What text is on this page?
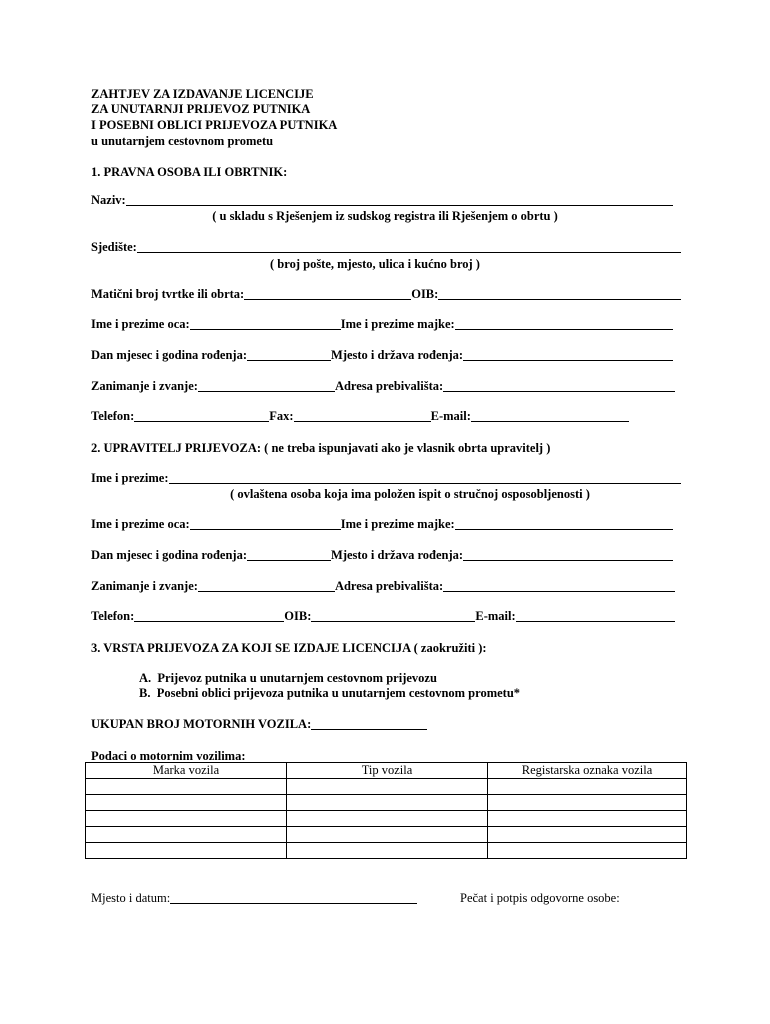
ZAHTJEV ZA IZDAVANJE LICENCIJE
ZA UNUTARNJI PRIJEVOZ PUTNIKA
I POSEBNI OBLICI PRIJEVOZA PUTNIKA
u unutarnjem cestovnom prometu
1. PRAVNA OSOBA ILI OBRTNIK:
Naziv:
( u skladu s Rješenjem iz sudskog registra ili Rješenjem o obrtu )
Sjedište:
( broj pošte, mjesto, ulica i kućno broj )
Matični broj tvrtke ili obrta:	OIB:
Ime i prezime oca:	Ime i prezime majke:
Dan mjesec i godina rođenja:	Mjesto i država rođenja:
Zanimanje i zvanje:	Adresa prebivališta:
Telefon:	Fax:	E-mail:
2. UPRAVITELJ PRIJEVOZA: ( ne treba ispunjavati ako je vlasnik obrta upravitelj )
Ime i prezime:
( ovlaštena osoba koja ima položen ispit o stručnoj osposobljenosti )
Ime i prezime oca:	Ime i prezime majke:
Dan mjesec i godina rođenja:	Mjesto i država rođenja:
Zanimanje i zvanje:	Adresa prebivališta:
Telefon:	OIB:	E-mail:
3. VRSTA PRIJEVOZA ZA KOJI SE IZDAJE LICENCIJA ( zaokružiti ):
A.  Prijevoz putnika u unutarnjem cestovnom prijevozu
B.  Posebni oblici prijevoza putnika u unutarnjem cestovnom prometu*
UKUPAN BROJ MOTORNIH VOZILA:
Podaci o motornim vozilima:
Marka vozila	Tip vozila	Registarska oznaka vozila

Mjesto i datum:	Pečat i potpis odgovorne osobe:
